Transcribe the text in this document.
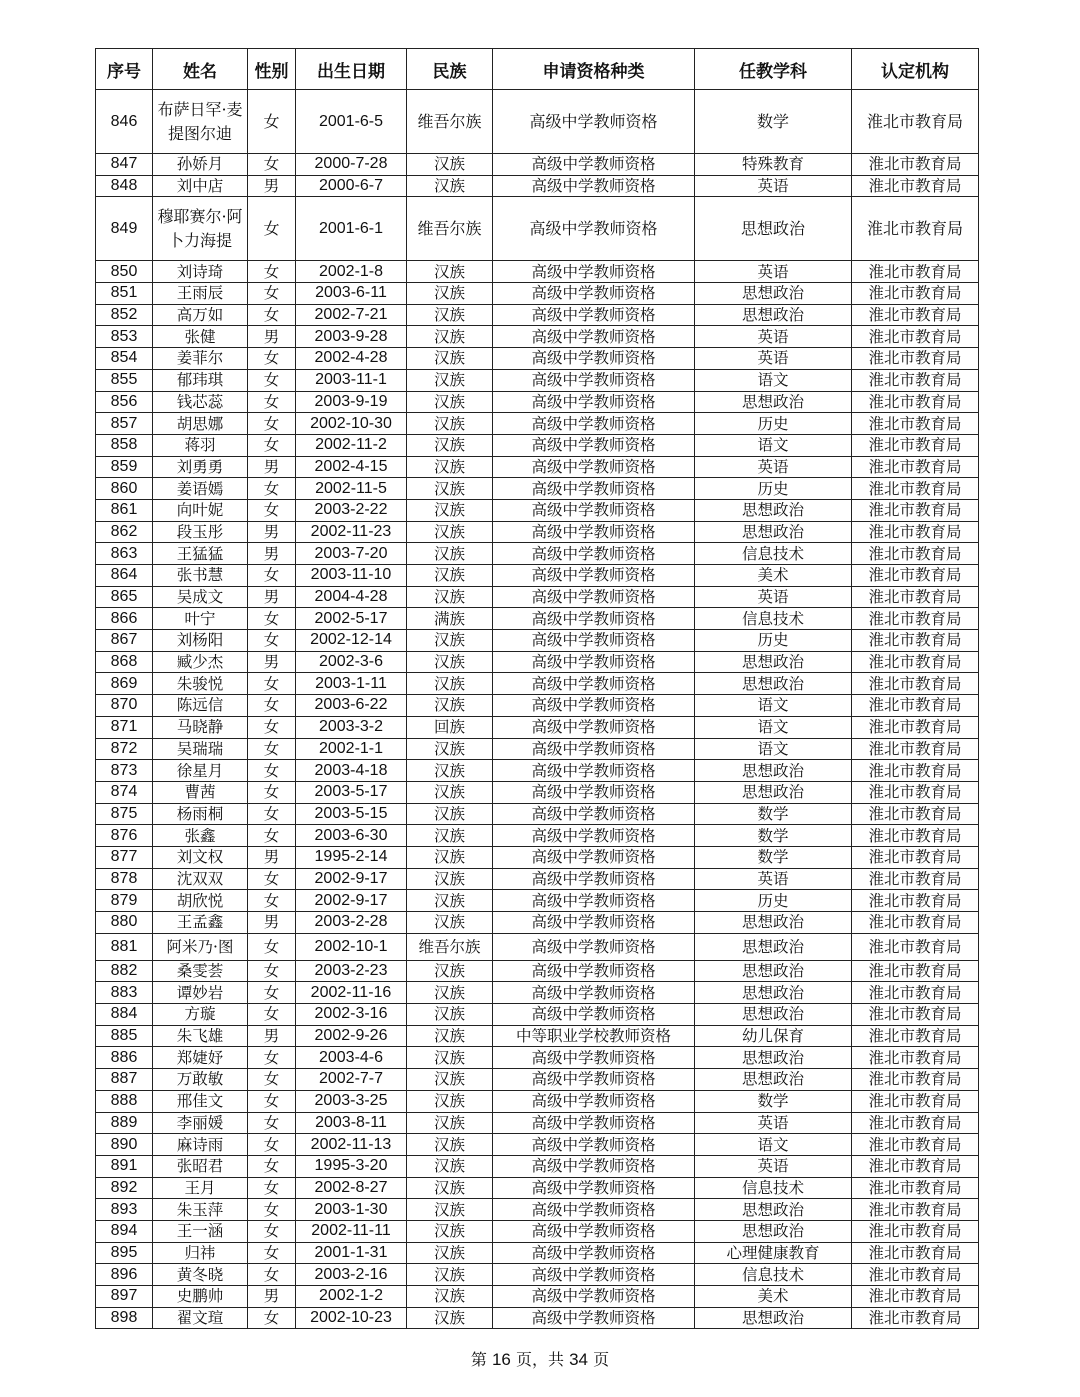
序号	姓名	性别	出生日期	民族	申请资格种类	任教学科	认定机构
846	布萨日罕·麦提图尔迪	女	2001-6-5	维吾尔族	高级中学教师资格	数学	淮北市教育局
847	孙娇月	女	2000-7-28	汉族	高级中学教师资格	特殊教育	淮北市教育局
848	刘中店	男	2000-6-7	汉族	高级中学教师资格	英语	淮北市教育局
849	穆耶赛尔·阿卜力海提	女	2001-6-1	维吾尔族	高级中学教师资格	思想政治	淮北市教育局
850	刘诗琦	女	2002-1-8	汉族	高级中学教师资格	英语	淮北市教育局
851	王雨辰	女	2003-6-11	汉族	高级中学教师资格	思想政治	淮北市教育局
852	高万如	女	2002-7-21	汉族	高级中学教师资格	思想政治	淮北市教育局
853	张健	男	2003-9-28	汉族	高级中学教师资格	英语	淮北市教育局
854	姜菲尔	女	2002-4-28	汉族	高级中学教师资格	英语	淮北市教育局
855	郁玮琪	女	2003-11-1	汉族	高级中学教师资格	语文	淮北市教育局
856	钱芯蕊	女	2003-9-19	汉族	高级中学教师资格	思想政治	淮北市教育局
857	胡思娜	女	2002-10-30	汉族	高级中学教师资格	历史	淮北市教育局
858	蒋羽	女	2002-11-2	汉族	高级中学教师资格	语文	淮北市教育局
859	刘勇勇	男	2002-4-15	汉族	高级中学教师资格	英语	淮北市教育局
860	姜语嫣	女	2002-11-5	汉族	高级中学教师资格	历史	淮北市教育局
861	向叶妮	女	2003-2-22	汉族	高级中学教师资格	思想政治	淮北市教育局
862	段玉彤	男	2002-11-23	汉族	高级中学教师资格	思想政治	淮北市教育局
863	王猛猛	男	2003-7-20	汉族	高级中学教师资格	信息技术	淮北市教育局
864	张书慧	女	2003-11-10	汉族	高级中学教师资格	美术	淮北市教育局
865	吴成文	男	2004-4-28	汉族	高级中学教师资格	英语	淮北市教育局
866	叶宁	女	2002-5-17	满族	高级中学教师资格	信息技术	淮北市教育局
867	刘杨阳	女	2002-12-14	汉族	高级中学教师资格	历史	淮北市教育局
868	臧少杰	男	2002-3-6	汉族	高级中学教师资格	思想政治	淮北市教育局
869	朱骏悦	女	2003-1-11	汉族	高级中学教师资格	思想政治	淮北市教育局
870	陈远信	女	2003-6-22	汉族	高级中学教师资格	语文	淮北市教育局
871	马晓静	女	2003-3-2	回族	高级中学教师资格	语文	淮北市教育局
872	吴瑞瑞	女	2002-1-1	汉族	高级中学教师资格	语文	淮北市教育局
873	徐星月	女	2003-4-18	汉族	高级中学教师资格	思想政治	淮北市教育局
874	曹茜	女	2003-5-17	汉族	高级中学教师资格	思想政治	淮北市教育局
875	杨雨桐	女	2003-5-15	汉族	高级中学教师资格	数学	淮北市教育局
876	张鑫	女	2003-6-30	汉族	高级中学教师资格	数学	淮北市教育局
877	刘文权	男	1995-2-14	汉族	高级中学教师资格	数学	淮北市教育局
878	沈双双	女	2002-9-17	汉族	高级中学教师资格	英语	淮北市教育局
879	胡欣悦	女	2002-9-17	汉族	高级中学教师资格	历史	淮北市教育局
880	王孟鑫	男	2003-2-28	汉族	高级中学教师资格	思想政治	淮北市教育局
881	阿米乃·图	女	2002-10-1	维吾尔族	高级中学教师资格	思想政治	淮北市教育局
882	桑雯荟	女	2003-2-23	汉族	高级中学教师资格	思想政治	淮北市教育局
883	谭妙岩	女	2002-11-16	汉族	高级中学教师资格	思想政治	淮北市教育局
884	方璇	女	2002-3-16	汉族	高级中学教师资格	思想政治	淮北市教育局
885	朱飞雄	男	2002-9-26	汉族	中等职业学校教师资格	幼儿保育	淮北市教育局
886	郑婕妤	女	2003-4-6	汉族	高级中学教师资格	思想政治	淮北市教育局
887	万敢敏	女	2002-7-7	汉族	高级中学教师资格	思想政治	淮北市教育局
888	邢佳文	女	2003-3-25	汉族	高级中学教师资格	数学	淮北市教育局
889	李丽媛	女	2003-8-11	汉族	高级中学教师资格	英语	淮北市教育局
890	麻诗雨	女	2002-11-13	汉族	高级中学教师资格	语文	淮北市教育局
891	张昭君	女	1995-3-20	汉族	高级中学教师资格	英语	淮北市教育局
892	王月	女	2002-8-27	汉族	高级中学教师资格	信息技术	淮北市教育局
893	朱玉萍	女	2003-1-30	汉族	高级中学教师资格	思想政治	淮北市教育局
894	王一涵	女	2002-11-11	汉族	高级中学教师资格	思想政治	淮北市教育局
895	归祎	女	2001-1-31	汉族	高级中学教师资格	心理健康教育	淮北市教育局
896	黄冬晓	女	2003-2-16	汉族	高级中学教师资格	信息技术	淮北市教育局
897	史鹏帅	男	2002-1-2	汉族	高级中学教师资格	美术	淮北市教育局
898	翟文瑄	女	2002-10-23	汉族	高级中学教师资格	思想政治	淮北市教育局
第 16 页，共 34 页
